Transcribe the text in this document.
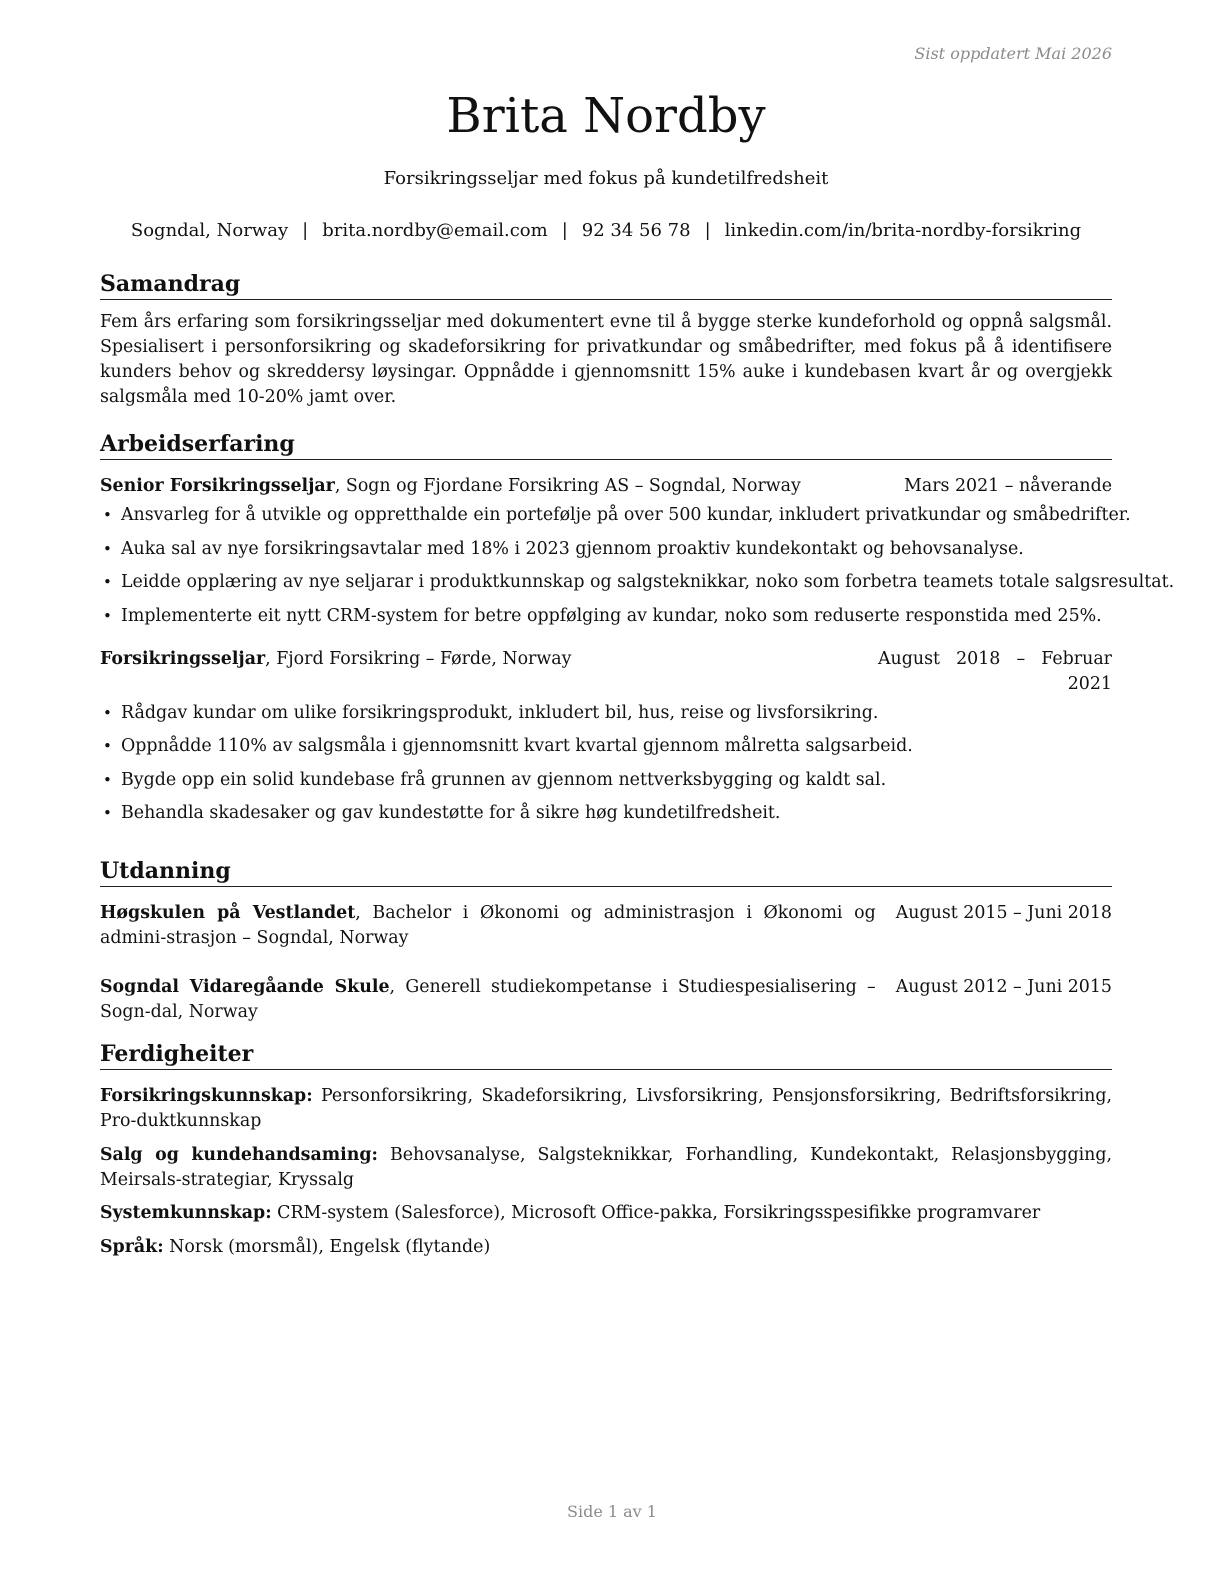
Sist oppdatert Mai 2026
Brita Nordby
Forsikringsseljar med fokus på kundetilfredsheit
Sogndal, Norway | brita.nordby@email.com | 92 34 56 78 | linkedin.com/in/brita-nordby-forsikring
Samandrag

Fem års erfaring som forsikringsseljar med dokumentert evne til å bygge sterke kundeforhold og oppnå salgsmål. Spesialisert i personforsikring og skadeforsikring for privatkundar og småbedrifter, med fokus på å identifisere kunders behov og skreddersy løysingar. Oppnådde i gjennomsnitt 15% auke i kundebasen kvart år og overgjekk salgsmåla med 10-20% jamt over.

Arbeidserfaring
Senior Forsikringsseljar, Sogn og Fjordane Forsikring AS – Sogndal, Norway	Mars 2021 – nåverande
• Ansvarleg for å utvikle og oppretthalde ein portefølje på over 500 kundar, inkludert privatkundar og småbedrifter.
• Auka sal av nye forsikringsavtalar med 18% i 2023 gjennom proaktiv kundekontakt og behovsanalyse.
• Leidde opplæring av nye seljarar i produktkunnskap og salgsteknikkar, noko som forbetra teamets totale salgsresultat.
• Implementerte eit nytt CRM-system for betre oppfølging av kundar, noko som reduserte responstida med 25%.
Forsikringsseljar, Fjord Forsikring – Førde, Norway	August 2018 – Februar 2021
• Rådgav kundar om ulike forsikringsprodukt, inkludert bil, hus, reise og livsforsikring.
• Oppnådde 110% av salgsmåla i gjennomsnitt kvart kvartal gjennom målretta salgsarbeid.
• Bygde opp ein solid kundebase frå grunnen av gjennom nettverksbygging og kaldt sal.
• Behandla skadesaker og gav kundestøtte for å sikre høg kundetilfredsheit.
Utdanning
Høgskulen på Vestlandet, Bachelor i Økonomi og administrasjon i Økonomi og admini-strasjon – Sogndal, Norway
August 2015 – Juni 2018
Sogndal Vidaregåande Skule, Generell studiekompetanse i Studiespesialisering – Sogn-dal, Norway
August 2012 – Juni 2015
Ferdigheiter
Forsikringskunnskap: Personforsikring, Skadeforsikring, Livsforsikring, Pensjonsforsikring, Bedriftsforsikring, Pro-duktkunnskap
Salg og kundehandsaming: Behovsanalyse, Salgsteknikkar, Forhandling, Kundekontakt, Relasjonsbygging, Meirsals-strategiar, Kryssalg
Systemkunnskap: CRM-system (Salesforce), Microsoft Office-pakka, Forsikringsspesifikke programvarer
Språk: Norsk (morsmål), Engelsk (flytande)
Side 1 av 1
